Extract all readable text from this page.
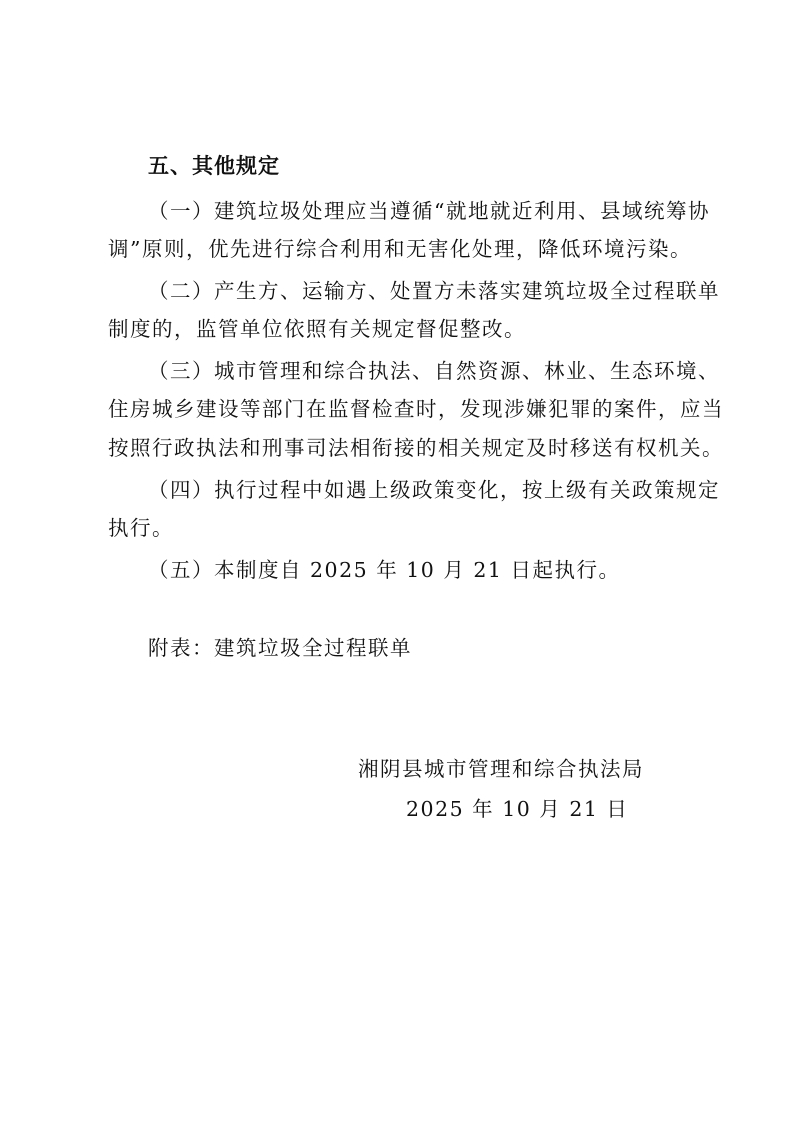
五、其他规定
（一）建筑垃圾处理应当遵循“就地就近利用、县域统筹协
调”原则，优先进行综合利用和无害化处理，降低环境污染。
（二）产生方、运输方、处置方未落实建筑垃圾全过程联单
制度的，监管单位依照有关规定督促整改。
（三）城市管理和综合执法、自然资源、林业、生态环境、
住房城乡建设等部门在监督检查时，发现涉嫌犯罪的案件，应当
按照行政执法和刑事司法相衔接的相关规定及时移送有权机关。
（四）执行过程中如遇上级政策变化，按上级有关政策规定
执行。
（五）本制度自 2025 年 10 月 21 日起执行。
附表：建筑垃圾全过程联单
湘阴县城市管理和综合执法局
2025 年 10 月 21 日
